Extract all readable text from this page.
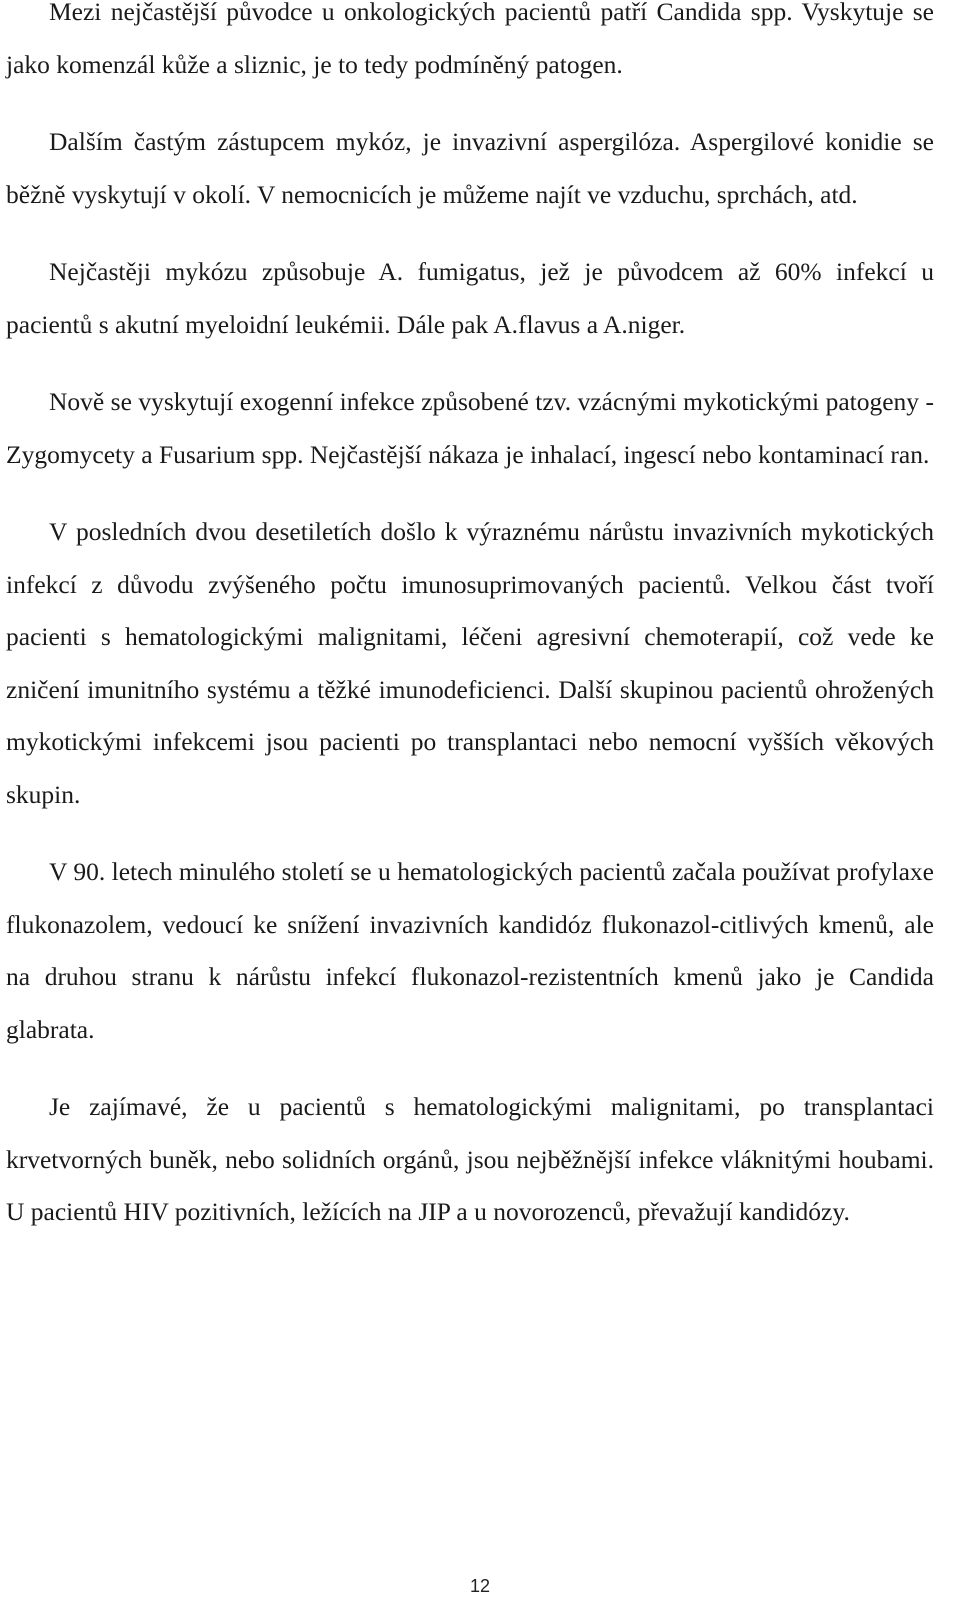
Mezi nejčastější původce u onkologických pacientů patří Candida spp. Vyskytuje se jako komenzál kůže a sliznic, je to tedy podmíněný patogen.

Dalším častým zástupcem mykóz, je invazivní aspergilóza. Aspergilové konidie se běžně vyskytují v okolí. V nemocnicích je můžeme najít ve vzduchu, sprchách, atd.

Nejčastěji mykózu způsobuje A. fumigatus, jež je původcem až 60% infekcí u pacientů s akutní myeloidní leukémii. Dále pak A.flavus a A.niger.

Nově se vyskytují exogenní infekce způsobené tzv. vzácnými mykotickými patogeny - Zygomycety a Fusarium spp. Nejčastější nákaza je inhalací, ingescí nebo kontaminací ran.

V posledních dvou desetiletích došlo k výraznému nárůstu invazivních mykotických infekcí z důvodu zvýšeného počtu imunosuprimovaných pacientů. Velkou část tvoří pacienti s hematologickými malignitami, léčeni agresivní chemoterapií, což vede ke zničení imunitního systému a těžké imunodeficienci. Další skupinou pacientů ohrožených mykotickými infekcemi jsou pacienti po transplantaci nebo nemocní vyšších věkových skupin.

V 90. letech minulého století se u hematologických pacientů začala používat profylaxe flukonazolem, vedoucí ke snížení invazivních kandidóz flukonazol-citlivých kmenů, ale na druhou stranu k nárůstu infekcí flukonazol-rezistentních kmenů jako je Candida glabrata.

Je zajímavé, že u pacientů s hematologickými malignitami, po transplantaci krvetvorných buněk, nebo solidních orgánů, jsou nejběžnější infekce vláknitými houbami. U pacientů HIV pozitivních, ležících na JIP a u novorozenců, převažují kandidózy.

12
